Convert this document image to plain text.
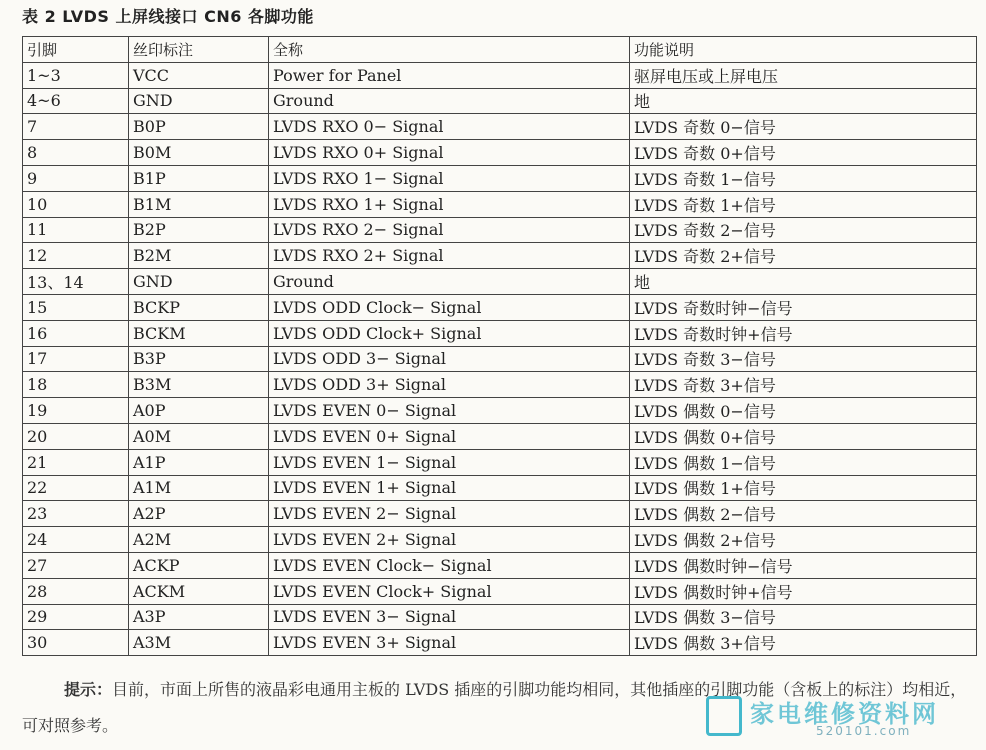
表 2 LVDS 上屏线接口 CN6 各脚功能
引脚	丝印标注	全称	功能说明
1~3	VCC	Power for Panel	驱屏电压或上屏电压
4~6	GND	Ground	地
7	B0P	LVDS RXO 0− Signal	LVDS 奇数 0−信号
8	B0M	LVDS RXO 0+ Signal	LVDS 奇数 0+信号
9	B1P	LVDS RXO 1− Signal	LVDS 奇数 1−信号
10	B1M	LVDS RXO 1+ Signal	LVDS 奇数 1+信号
11	B2P	LVDS RXO 2− Signal	LVDS 奇数 2−信号
12	B2M	LVDS RXO 2+ Signal	LVDS 奇数 2+信号
13、14	GND	Ground	地
15	BCKP	LVDS ODD Clock− Signal	LVDS 奇数时钟−信号
16	BCKM	LVDS ODD Clock+ Signal	LVDS 奇数时钟+信号
17	B3P	LVDS ODD 3− Signal	LVDS 奇数 3−信号
18	B3M	LVDS ODD 3+ Signal	LVDS 奇数 3+信号
19	A0P	LVDS EVEN 0− Signal	LVDS 偶数 0−信号
20	A0M	LVDS EVEN 0+ Signal	LVDS 偶数 0+信号
21	A1P	LVDS EVEN 1− Signal	LVDS 偶数 1−信号
22	A1M	LVDS EVEN 1+ Signal	LVDS 偶数 1+信号
23	A2P	LVDS EVEN 2− Signal	LVDS 偶数 2−信号
24	A2M	LVDS EVEN 2+ Signal	LVDS 偶数 2+信号
27	ACKP	LVDS EVEN Clock− Signal	LVDS 偶数时钟−信号
28	ACKM	LVDS EVEN Clock+ Signal	LVDS 偶数时钟+信号
29	A3P	LVDS EVEN 3− Signal	LVDS 偶数 3−信号
30	A3M	LVDS EVEN 3+ Signal	LVDS 偶数 3+信号
提示：目前，市面上所售的液晶彩电通用主板的 LVDS 插座的引脚功能均相同，其他插座的引脚功能（含板上的标注）均相近，可对照参考。	家电维修资料网
520101.com
